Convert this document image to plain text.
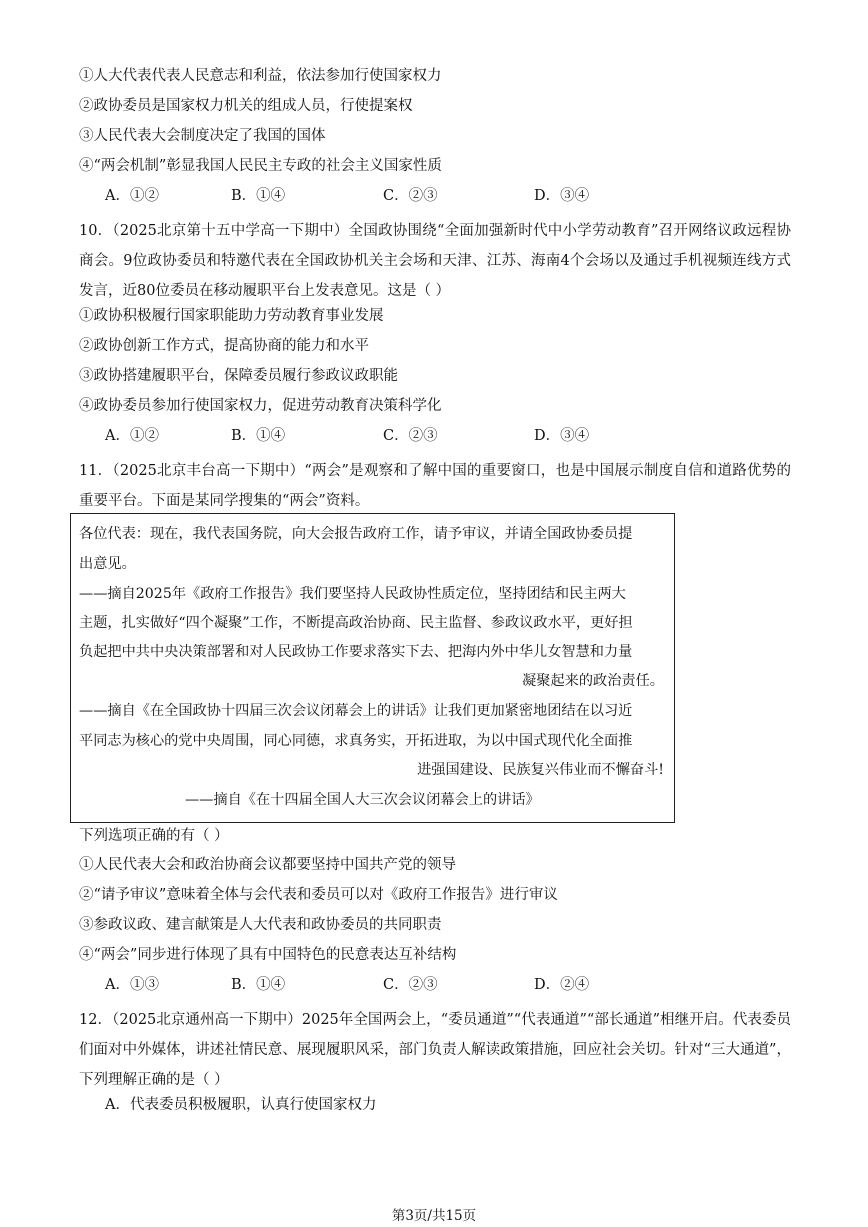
①人大代表代表人民意志和利益，依法参加行使国家权力
②政协委员是国家权力机关的组成人员，行使提案权
③人民代表大会制度决定了我国的国体
④“两会机制”彰显我国人民民主专政的社会主义国家性质
A．①②	B．①④	C．②③	D．③④
10．（2025北京第十五中学高一下期中）全国政协围绕“全面加强新时代中小学劳动教育”召开网络议政远程协商会。9位政协委员和特邀代表在全国政协机关主会场和天津、江苏、海南4个会场以及通过手机视频连线方式发言，近80位委员在移动履职平台上发表意见。这是（ ）
①政协积极履行国家职能助力劳动教育事业发展
②政协创新工作方式，提高协商的能力和水平
③政协搭建履职平台，保障委员履行参政议政职能
④政协委员参加行使国家权力，促进劳动教育决策科学化
A．①②	B．①④	C．②③	D．③④
11．（2025北京丰台高一下期中）“两会”是观察和了解中国的重要窗口，也是中国展示制度自信和道路优势的重要平台。下面是某同学搜集的“两会”资料。
各位代表：现在，我代表国务院，向大会报告政府工作，请予审议，并请全国政协委员提
出意见。
——摘自2025年《政府工作报告》我们要坚持人民政协性质定位，坚持团结和民主两大
主题，扎实做好“四个凝聚”工作，不断提高政治协商、民主监督、参政议政水平，更好担
负起把中共中央决策部署和对人民政协工作要求落实下去、把海内外中华儿女智慧和力量
凝聚起来的政治责任。
——摘自《在全国政协十四届三次会议闭幕会上的讲话》让我们更加紧密地团结在以习近
平同志为核心的党中央周围，同心同德，求真务实，开拓进取，为以中国式现代化全面推
进强国建设、民族复兴伟业而不懈奋斗!
——摘自《在十四届全国人大三次会议闭幕会上的讲话》
下列选项正确的有（ ）
①人民代表大会和政治协商会议都要坚持中国共产党的领导
②“请予审议”意味着全体与会代表和委员可以对《政府工作报告》进行审议
③参政议政、建言献策是人大代表和政协委员的共同职责
④“两会”同步进行体现了具有中国特色的民意表达互补结构
A．①③	B．①④	C．②③	D．②④
12．（2025北京通州高一下期中）2025年全国两会上，“委员通道”“代表通道”“部长通道”相继开启。代表委员们面对中外媒体，讲述社情民意、展现履职风采，部门负责人解读政策措施，回应社会关切。针对“三大通道”，下列理解正确的是（ ）
A．代表委员积极履职，认真行使国家权力
第3页/共15页
